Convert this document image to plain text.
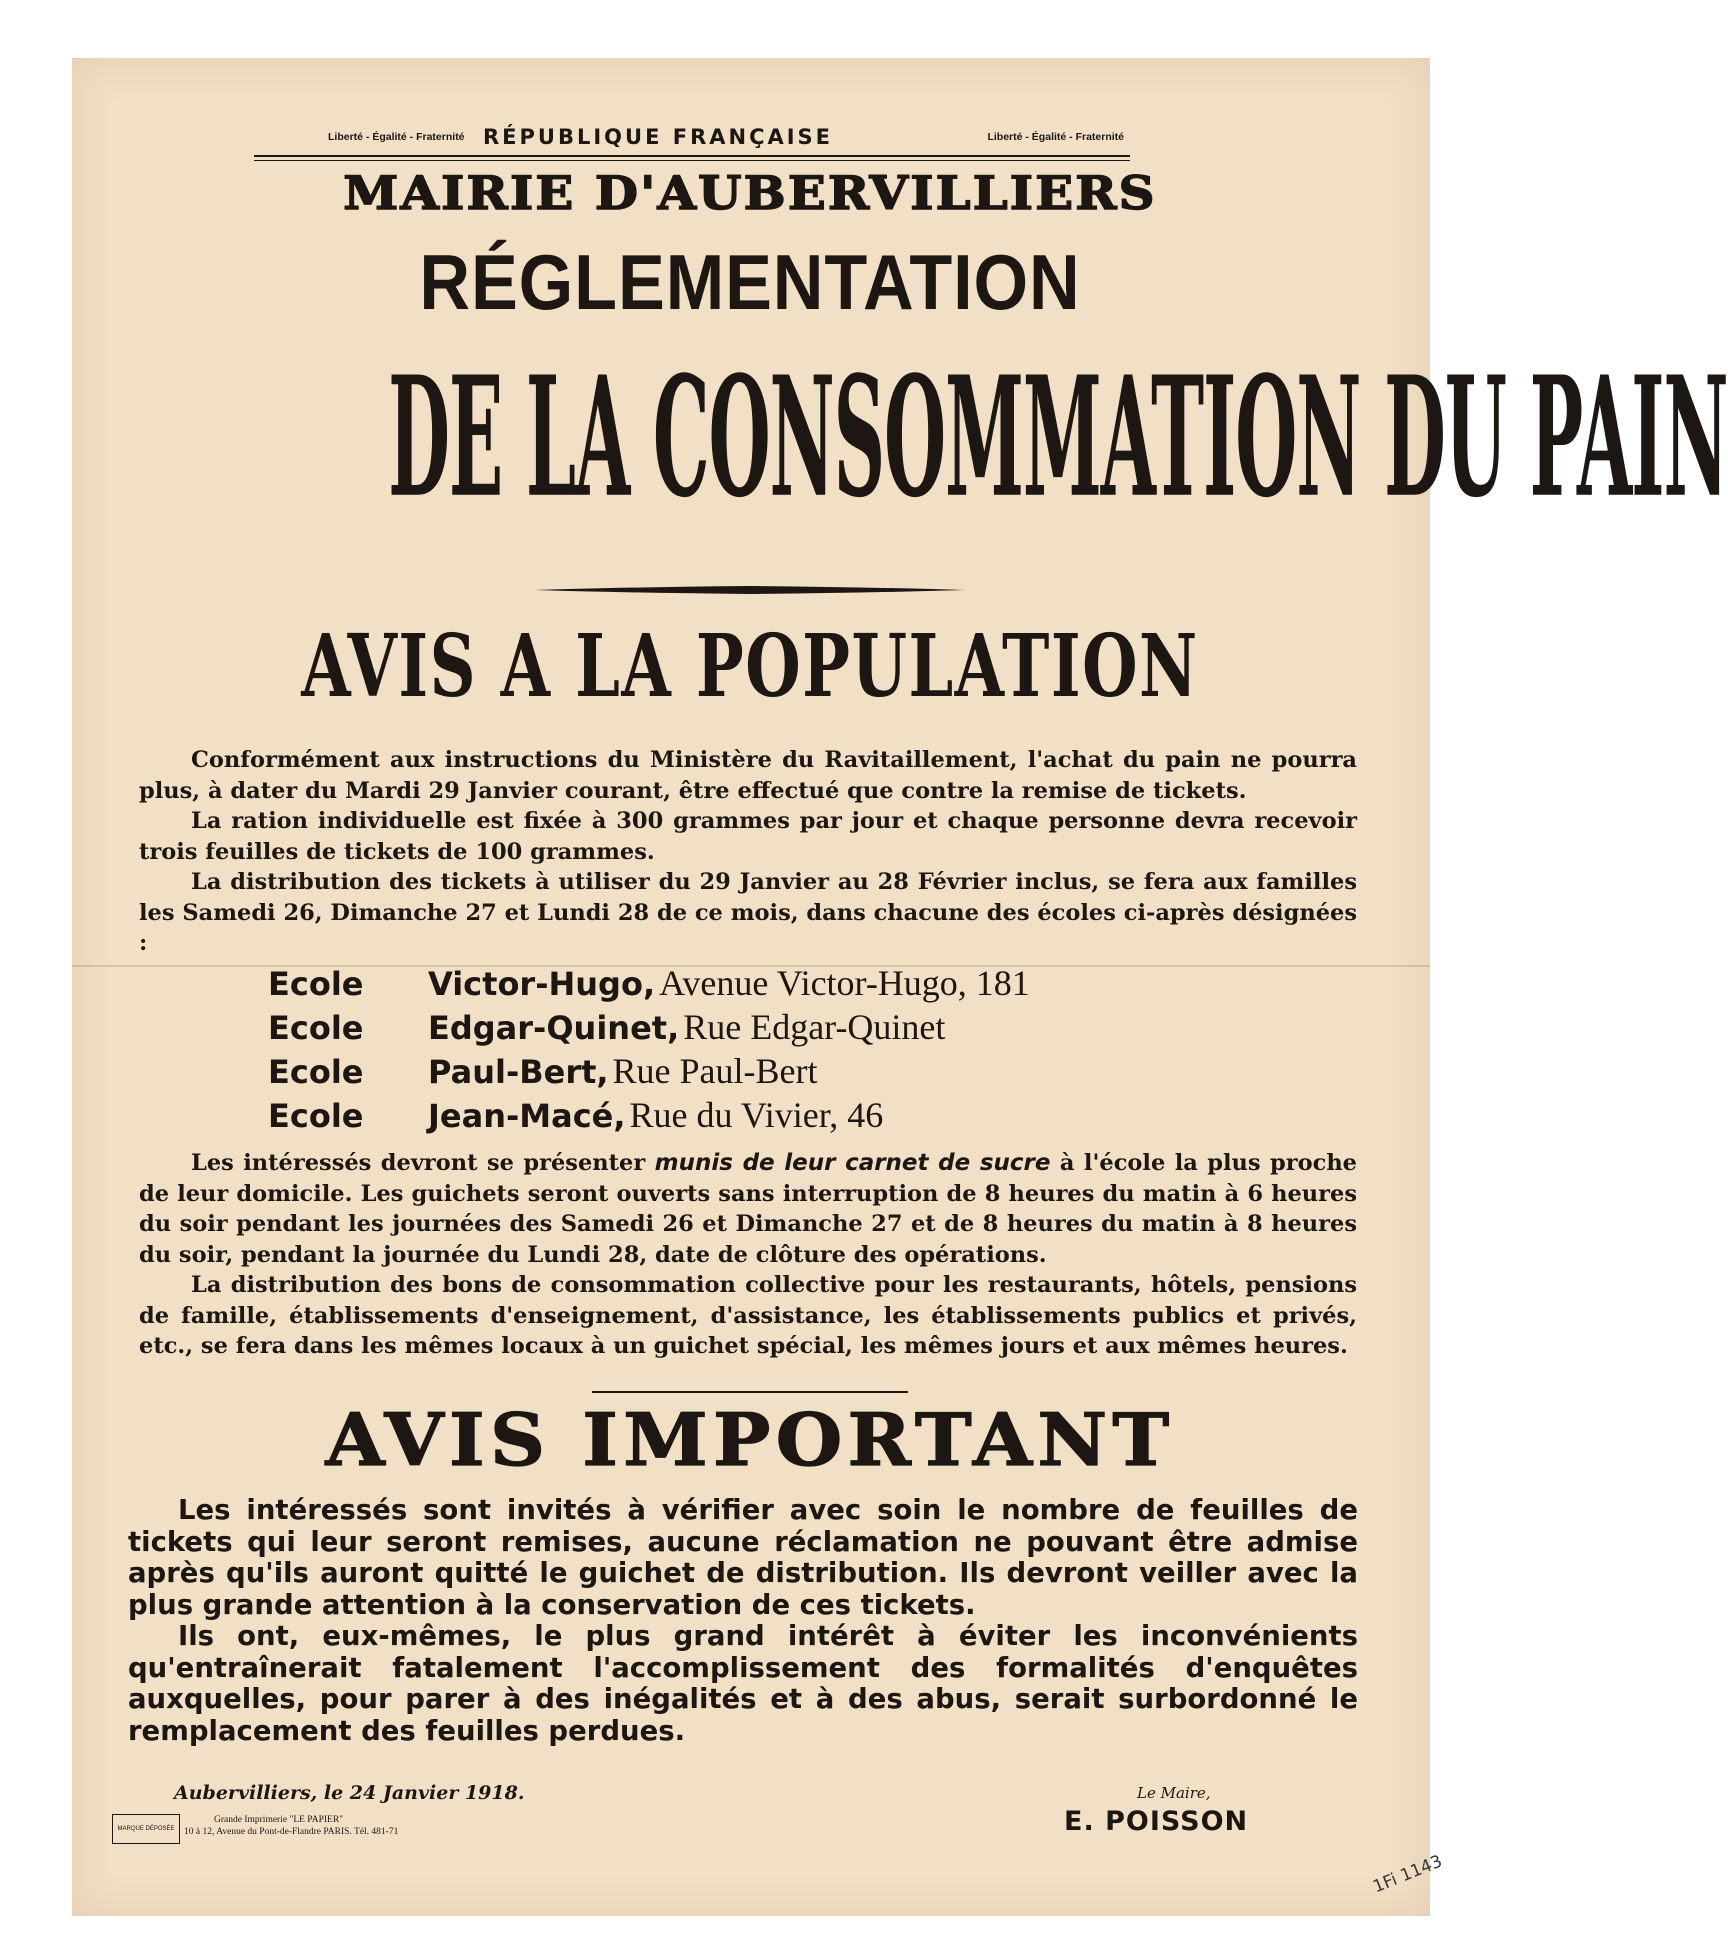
Liberté - Égalité - Fraternité RÉPUBLIQUE FRANÇAISE	Liberté - Égalité - Fraternité
MAIRIE D'AUBERVILLIERS
RÉGLEMENTATION
DE LA CONSOMMATION DU PAIN
AVIS A LA POPULATION

Conformément aux instructions du Ministère du Ravitaillement, l'achat du pain ne pourra plus, à dater du Mardi 29 Janvier courant, être effectué que contre la remise de tickets.

La ration individuelle est fixée à 300 grammes par jour et chaque personne devra recevoir trois feuilles de tickets de 100 grammes.

La distribution des tickets à utiliser du 29 Janvier au 28 Février inclus, se fera aux familles les Samedi 26, Dimanche 27 et Lundi 28 de ce mois, dans chacune des écoles ci-après désignées :

Ecole Victor-Hugo, Avenue Victor-Hugo, 181
Ecole Edgar-Quinet, Rue Edgar-Quinet
Ecole Paul-Bert, Rue Paul-Bert
Ecole Jean-Macé, Rue du Vivier, 46

Les intéressés devront se présenter munis de leur carnet de sucre à l'école la plus proche de leur domicile. Les guichets seront ouverts sans interruption de 8 heures du matin à 6 heures du soir pendant les journées des Samedi 26 et Dimanche 27 et de 8 heures du matin à 8 heures du soir, pendant la journée du Lundi 28, date de clôture des opérations.

La distribution des bons de consommation collective pour les restaurants, hôtels, pensions de famille, établissements d'enseignement, d'assistance, les établissements publics et privés, etc., se fera dans les mêmes locaux à un guichet spécial, les mêmes jours et aux mêmes heures.

AVIS IMPORTANT

Les intéressés sont invités à vérifier avec soin le nombre de feuilles de tickets qui leur seront remises, aucune réclamation ne pouvant être admise après qu'ils auront quitté le guichet de distribution. Ils devront veiller avec la plus grande attention à la conservation de ces tickets.

Ils ont, eux-mêmes, le plus grand intérêt à éviter les inconvénients qu'entraînerait fatalement l'accomplissement des formalités d'enquêtes auxquelles, pour parer à des inégalités et à des abus, serait surbordonné le remplacement des feuilles perdues.

Aubervilliers, le 24 Janvier 1918.	Le Maire,
E. POISSON
MARQUE DÉPOSÉE
Grande Imprimerie "LE PAPIER"
10 à 12, Avenue du Pont-de-Flandre PARIS. Tél. 481-71
1Fi 1143
